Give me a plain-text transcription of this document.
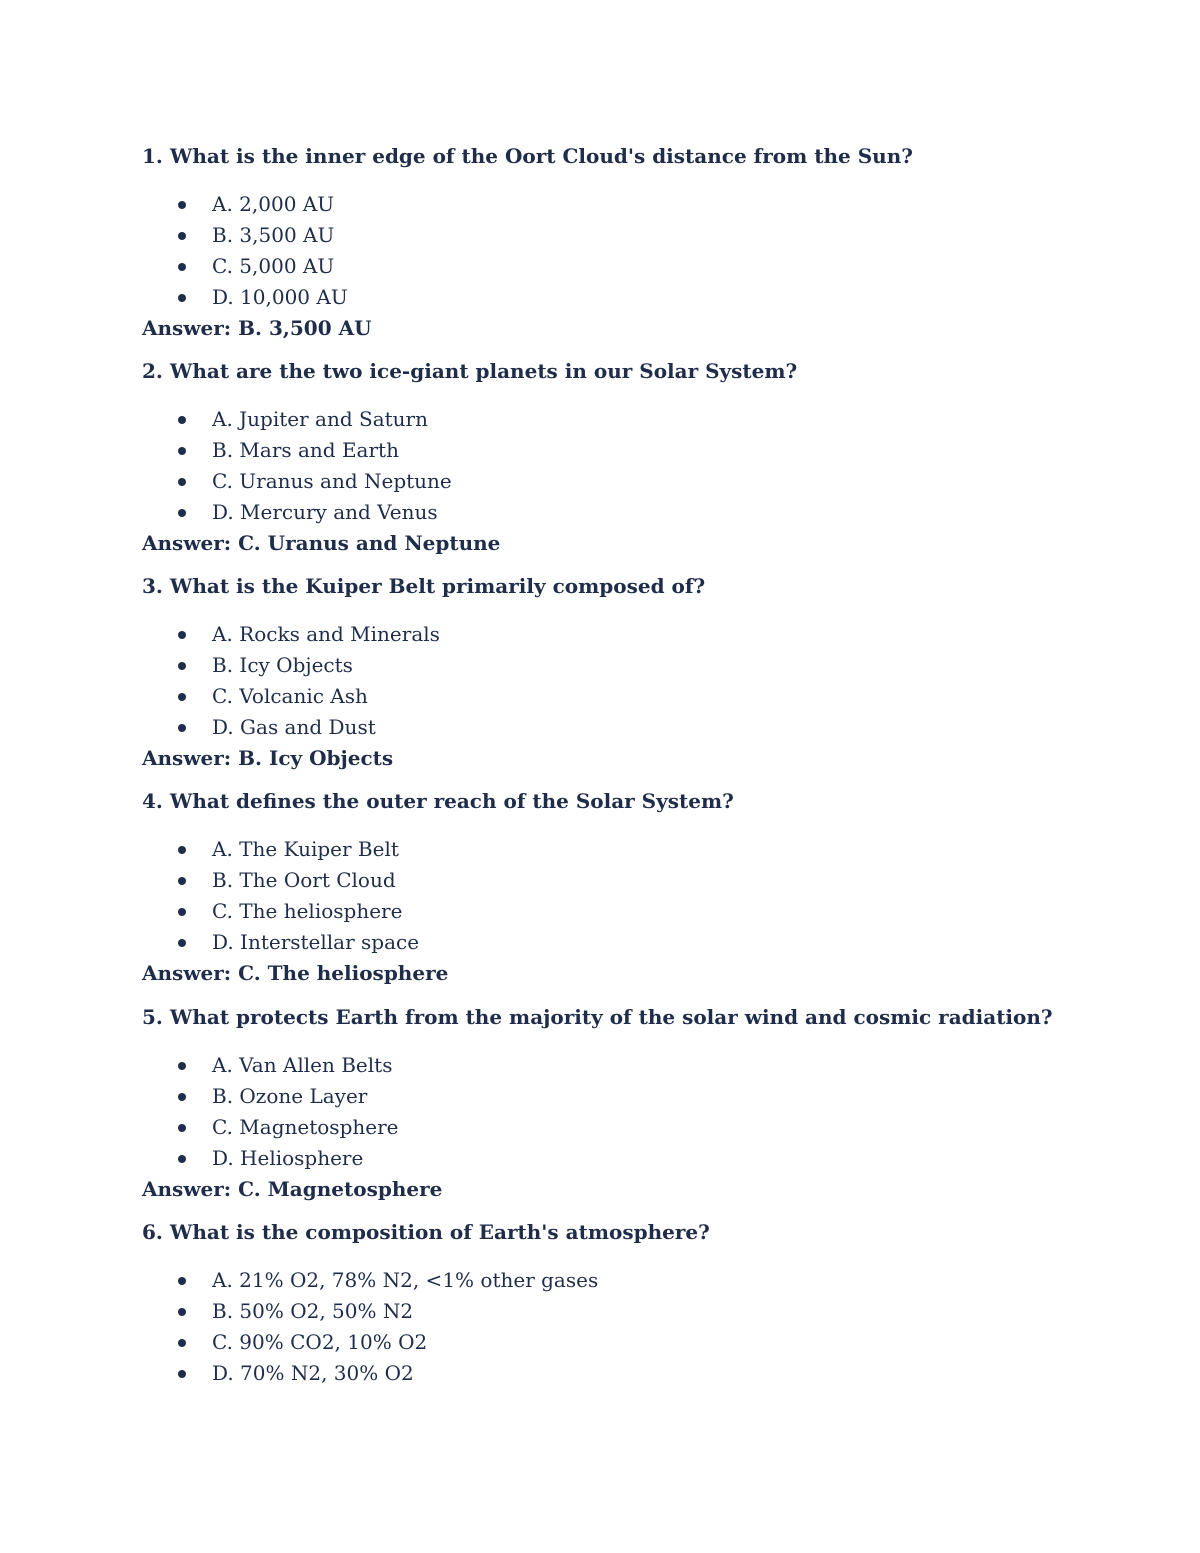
1. What is the inner edge of the Oort Cloud's distance from the Sun?

A. 2,000 AU
B. 3,500 AU
C. 5,000 AU
D. 10,000 AU
Answer: B. 3,500 AU

2. What are the two ice-giant planets in our Solar System?

A. Jupiter and Saturn
B. Mars and Earth
C. Uranus and Neptune
D. Mercury and Venus
Answer: C. Uranus and Neptune

3. What is the Kuiper Belt primarily composed of?

A. Rocks and Minerals
B. Icy Objects
C. Volcanic Ash
D. Gas and Dust
Answer: B. Icy Objects

4. What defines the outer reach of the Solar System?

A. The Kuiper Belt
B. The Oort Cloud
C. The heliosphere
D. Interstellar space
Answer: C. The heliosphere

5. What protects Earth from the majority of the solar wind and cosmic radiation?

A. Van Allen Belts
B. Ozone Layer
C. Magnetosphere
D. Heliosphere
Answer: C. Magnetosphere

6. What is the composition of Earth's atmosphere?

A. 21% O2, 78% N2, <1% other gases
B. 50% O2, 50% N2
C. 90% CO2, 10% O2
D. 70% N2, 30% O2
